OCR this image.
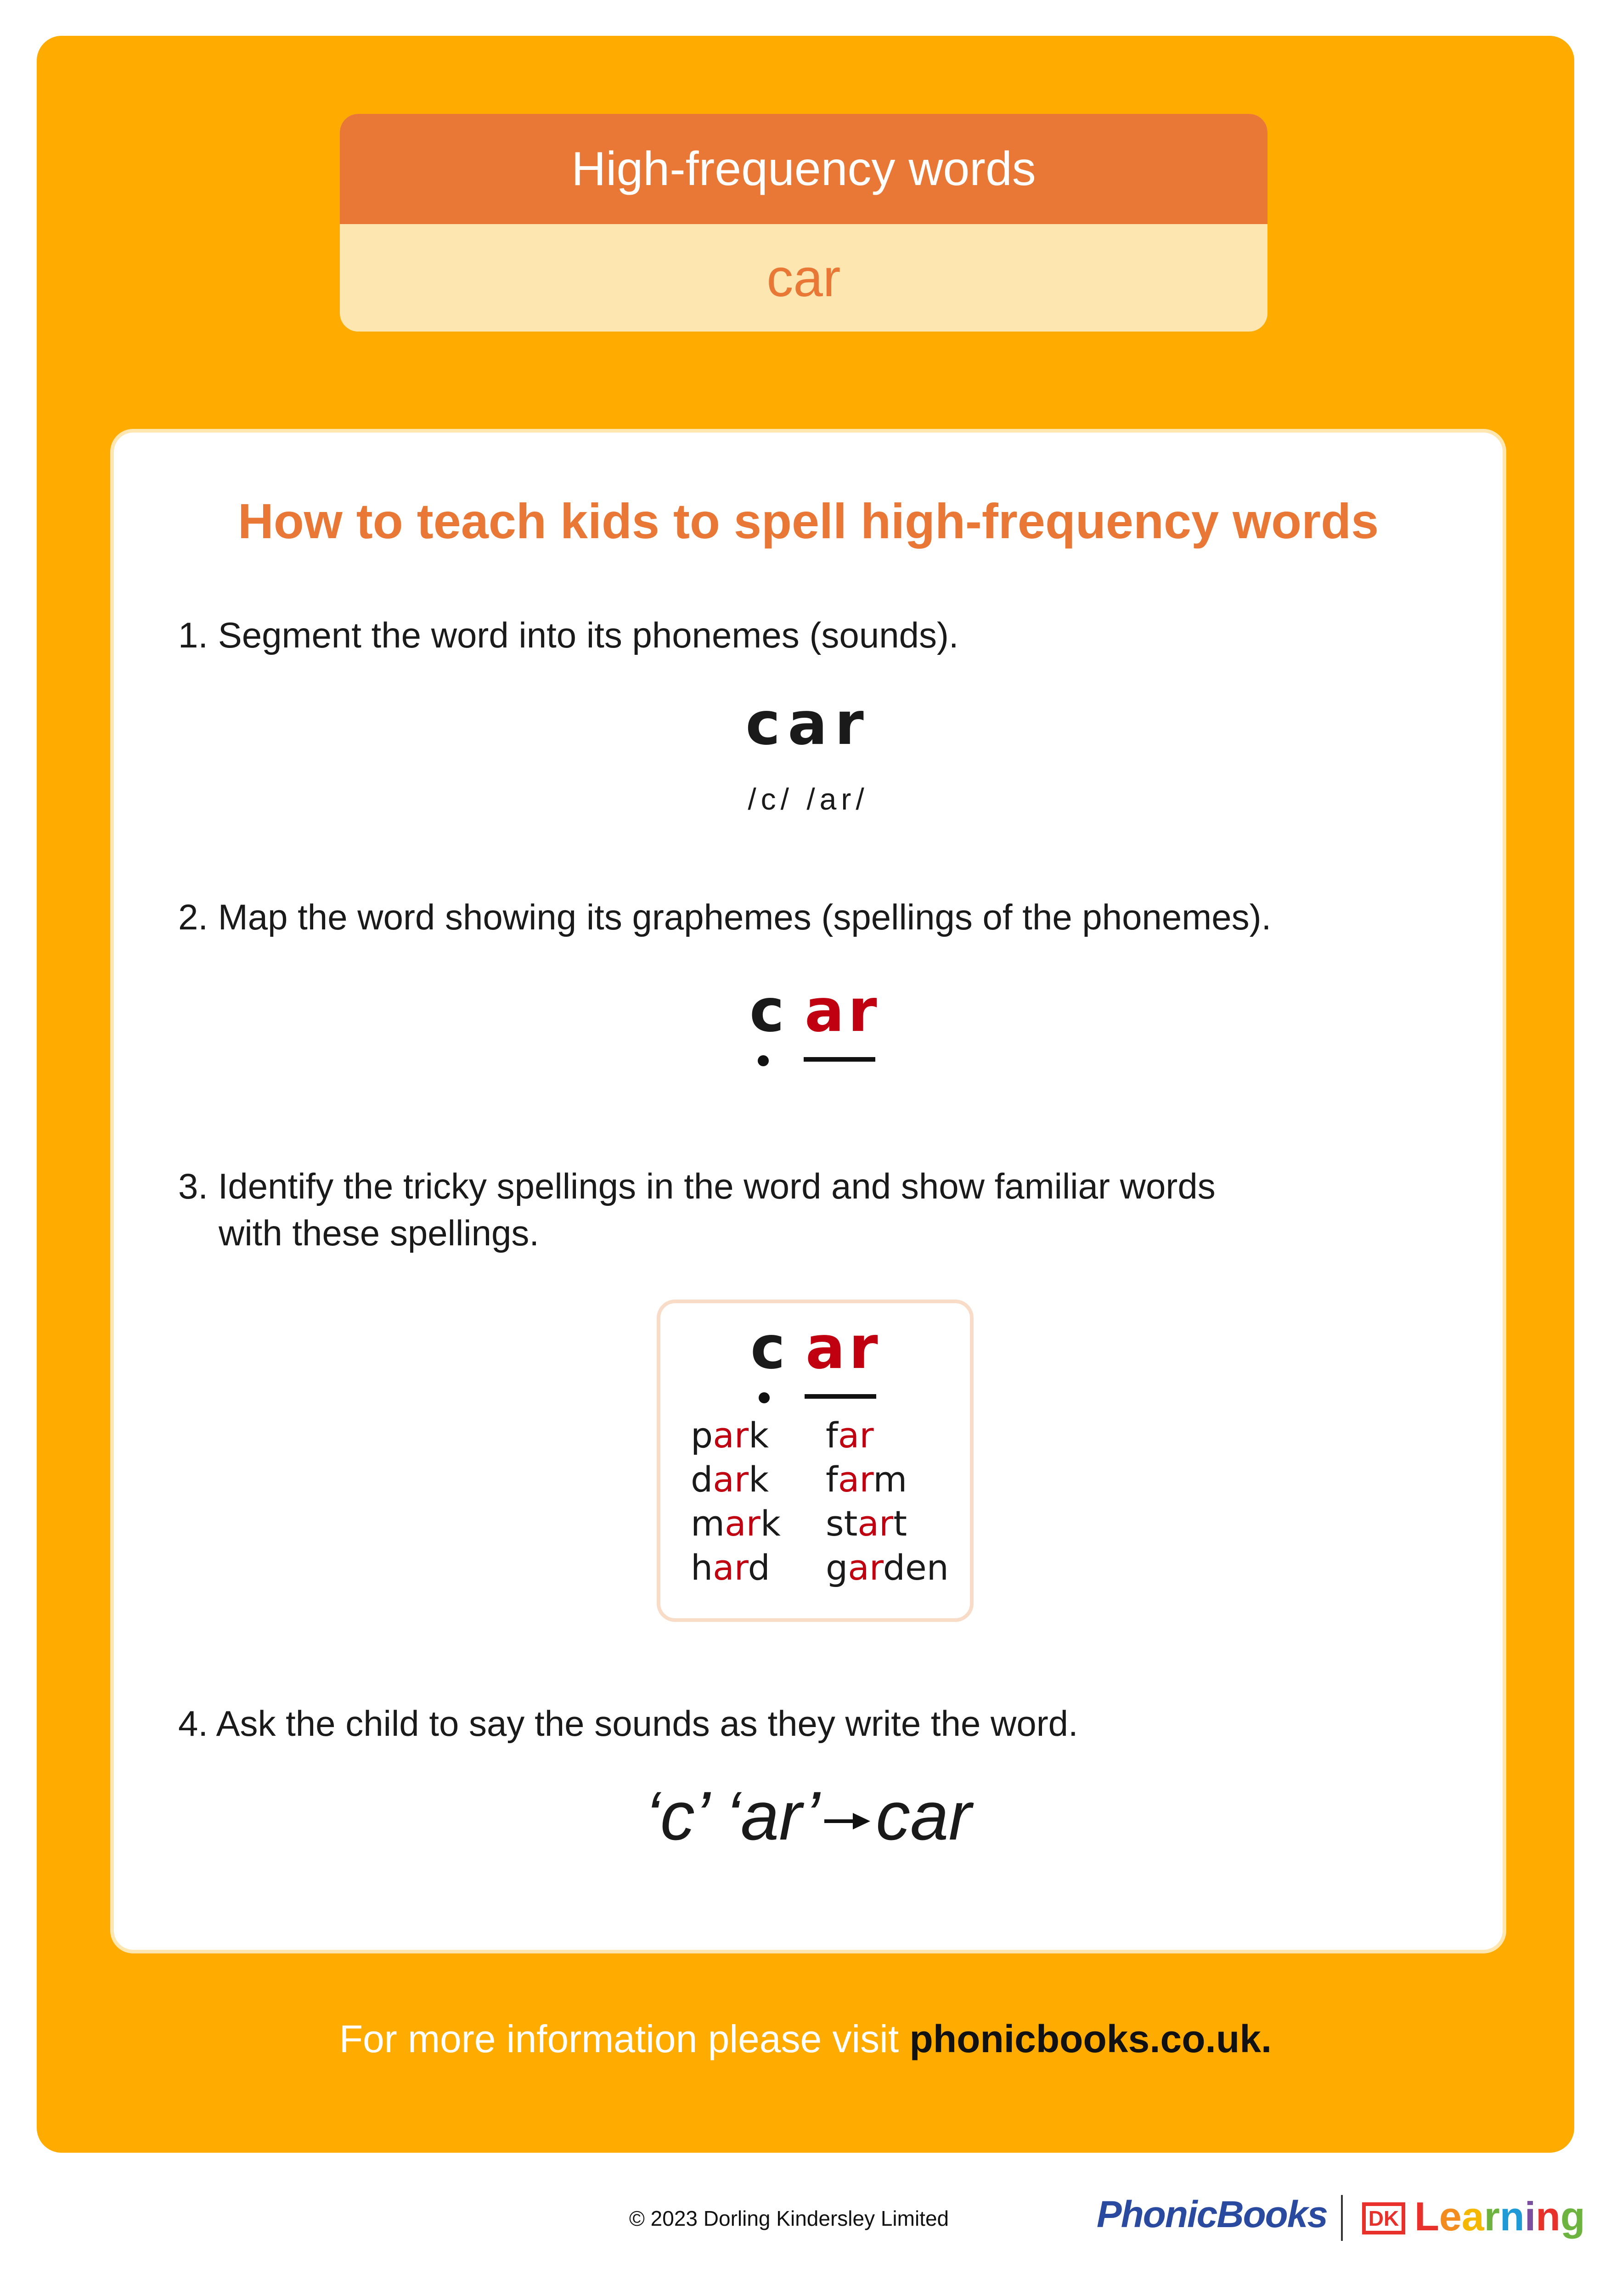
High-frequency words
car
How to teach kids to spell high-frequency words
1. Segment the word into its phonemes (sounds).
car
/c/ /ar/
2. Map the word showing its graphemes (spellings of the phonemes).
c ar
3. Identify the tricky spellings in the word and show familiar words
with these spellings.
c ar
park
dark
mark
hard
far
farm
start
garden
4. Ask the child to say the sounds as they write the word.
‘c’ ‘ar’ car
For more information please visit phonicbooks.co.uk.
© 2023 Dorling Kindersley Limited	PhonicBooks DK Learning
